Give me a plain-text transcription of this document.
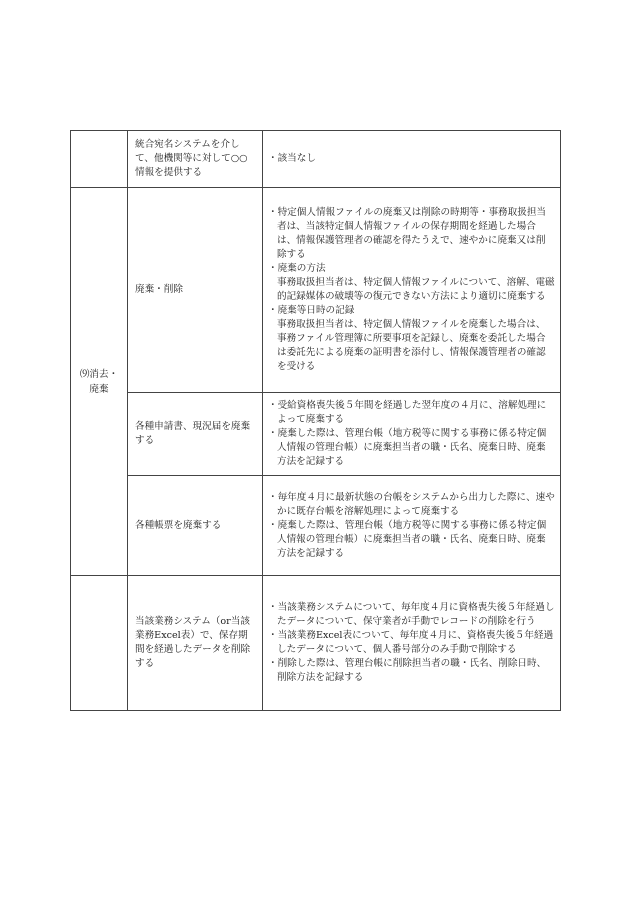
	統合宛名システムを介して、他機関等に対して○○情報を提供する	・該当なし

⑼消去・
廃棄	廃棄・削除	・特定個人情報ファイルの廃棄又は削除の時期等・事務取扱担当者は、当該特定個人情報ファイルの保存期間を経過した場合は、情報保護管理者の確認を得たうえで、速やかに廃棄又は削除する
・廃棄の方法
事務取扱担当者は、特定個人情報ファイルについて、溶解、電磁的記録媒体の破壊等の復元できない方法により適切に廃棄する
・廃棄等日時の記録
事務取扱担当者は、特定個人情報ファイルを廃棄した場合は、事務ファイル管理簿に所要事項を記録し、廃棄を委託した場合は委託先による廃棄の証明書を添付し、情報保護管理者の確認を受ける

	各種申請書、現況届を廃棄する	・受給資格喪失後５年間を経過した翌年度の４月に、溶解処理によって廃棄する
・廃棄した際は、管理台帳（地方税等に関する事務に係る特定個人情報の管理台帳）に廃棄担当者の職・氏名、廃棄日時、廃棄方法を記録する

	各種帳票を廃棄する	・毎年度４月に最新状態の台帳をシステムから出力した際に、速やかに既存台帳を溶解処理によって廃棄する
・廃棄した際は、管理台帳（地方税等に関する事務に係る特定個人情報の管理台帳）に廃棄担当者の職・氏名、廃棄日時、廃棄方法を記録する

	当該業務システム（or当該業務Excel表）で、保存期間を経過したデータを削除する	・当該業務システムについて、毎年度４月に資格喪失後５年経過したデータについて、保守業者が手動でレコードの削除を行う
・当該業務Excel表について、毎年度４月に、資格喪失後５年経過したデータについて、個人番号部分のみ手動で削除する
・削除した際は、管理台帳に削除担当者の職・氏名、削除日時、削除方法を記録する
